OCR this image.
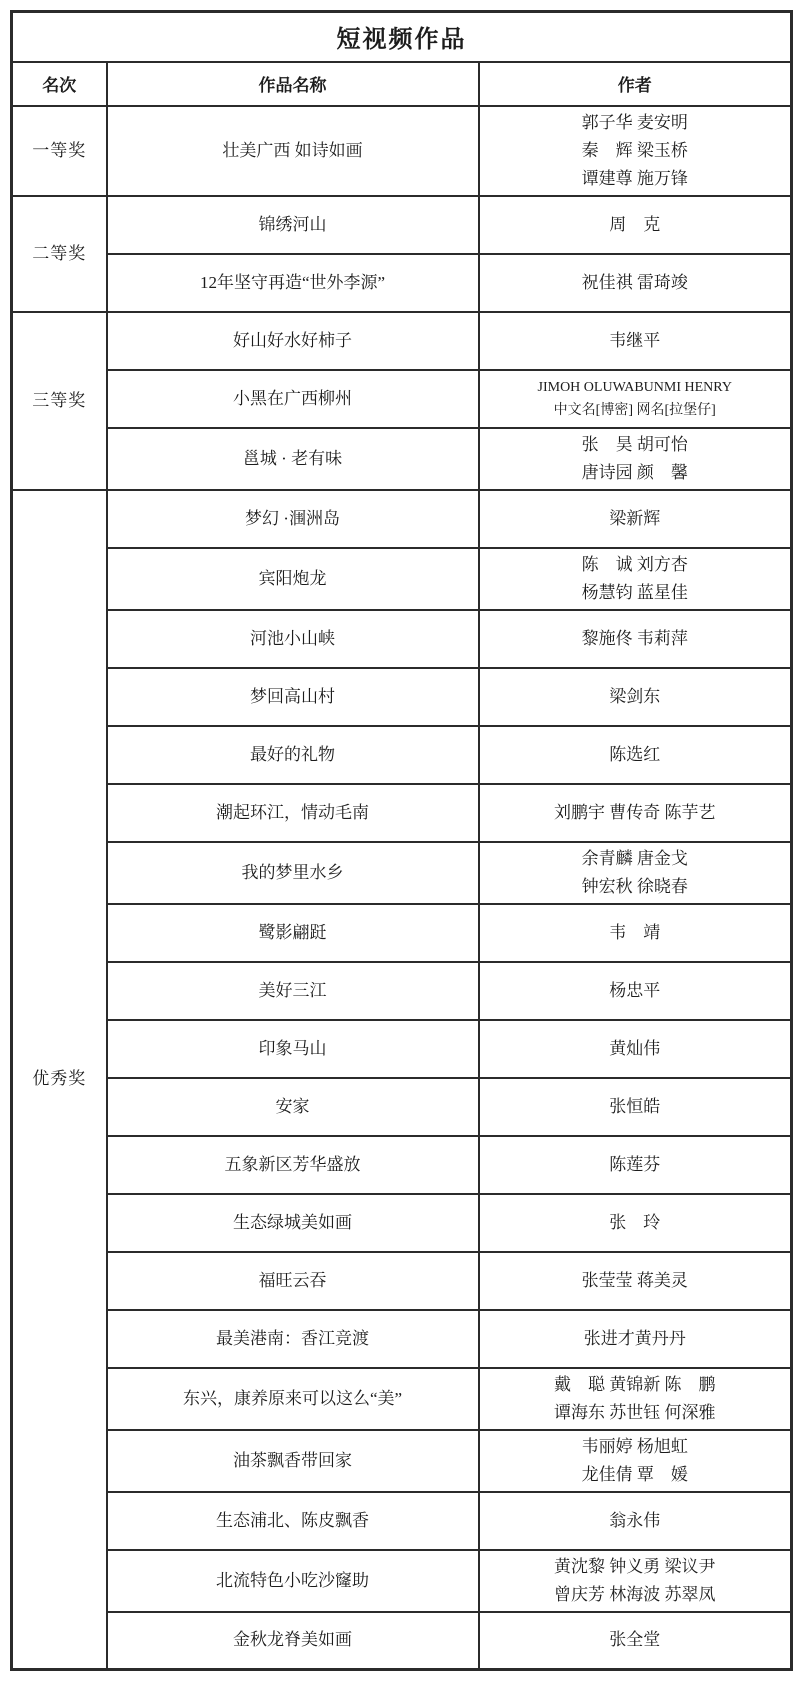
短视频作品		
名次	作品名称	作者
一等奖	壮美广西 如诗如画	郭子华 麦安明
秦　辉 梁玉桥
谭建尊 施万锋

二等奖	锦绣河山	周　克

	12年坚守再造“世外李源”	祝佳祺 雷琦竣

三等奖	好山好水好柿子	韦继平

	小黑在广西柳州	JIMOH OLUWABUNMI HENRY
中文名[博密] 网名[拉堡仔]

	邕城 · 老有味	张　昊 胡可怡
唐诗园 颜　馨

优秀奖	梦幻 ·涠洲岛	梁新辉

	宾阳炮龙	陈　诚 刘方杏
杨慧钧 蓝星佳

	河池小山峡	黎施佟 韦莉萍

	梦回高山村	梁剑东

	最好的礼物	陈选红

	潮起环江，情动毛南	刘鹏宇 曹传奇 陈芋艺

	我的梦里水乡	余青麟 唐金戈
钟宏秋 徐晓春

	鹭影翩跹	韦　靖

	美好三江	杨忠平

	印象马山	黄灿伟

	安家	张恒皓

	五象新区芳华盛放	陈莲芬

	生态绿城美如画	张　玲

	福旺云吞	张莹莹 蒋美灵

	最美港南：香江竞渡	张进才黄丹丹

	东兴，康养原来可以这么“美”	戴　聪 黄锦新 陈　鹏
谭海东 苏世钰 何深雅

	油茶飘香带回家	韦丽婷 杨旭虹
龙佳倩 覃　媛

	生态浦北、陈皮飘香	翁永伟

	北流特色小吃沙窿助	黄沈黎 钟义勇 梁议尹
曾庆芳 林海波 苏翠凤

	金秋龙脊美如画	张全堂
